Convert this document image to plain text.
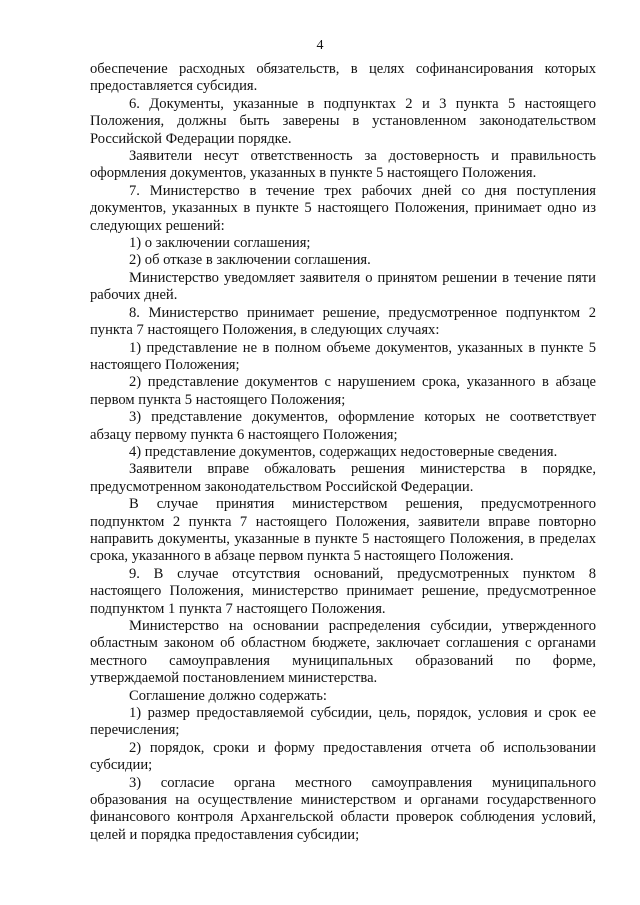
4

обеспечение расходных обязательств, в целях софинансирования которых предоставляется субсидия.

6. Документы, указанные в подпунктах 2 и 3 пункта 5 настоящего Положения, должны быть заверены в установленном законодательством Российской Федерации порядке.

Заявители несут ответственность за достоверность и правильность оформления документов, указанных в пункте 5 настоящего Положения.

7. Министерство в течение трех рабочих дней со дня поступления документов, указанных в пункте 5 настоящего Положения, принимает одно из следующих решений:

1) о заключении соглашения;

2) об отказе в заключении соглашения.

Министерство уведомляет заявителя о принятом решении в течение пяти рабочих дней.

8. Министерство принимает решение, предусмотренное подпунктом 2 пункта 7 настоящего Положения, в следующих случаях:

1) представление не в полном объеме документов, указанных в пункте 5 настоящего Положения;

2) представление документов с нарушением срока, указанного в абзаце первом пункта 5 настоящего Положения;

3) представление документов, оформление которых не соответствует абзацу первому пункта 6 настоящего Положения;

4) представление документов, содержащих недостоверные сведения.

Заявители вправе обжаловать решения министерства в порядке, предусмотренном законодательством Российской Федерации.

В случае принятия министерством решения, предусмотренного подпунктом 2 пункта 7 настоящего Положения, заявители вправе повторно направить документы, указанные в пункте 5 настоящего Положения, в пределах срока, указанного в абзаце первом пункта 5 настоящего Положения.

9. В случае отсутствия оснований, предусмотренных пунктом 8 настоящего Положения, министерство принимает решение, предусмотренное подпунктом 1 пункта 7 настоящего Положения.

Министерство на основании распределения субсидии, утвержденного областным законом об областном бюджете, заключает соглашения с органами местного самоуправления муниципальных образований по форме, утверждаемой постановлением министерства.

Соглашение должно содержать:

1) размер предоставляемой субсидии, цель, порядок, условия и срок ее перечисления;

2) порядок, сроки и форму предоставления отчета об использовании субсидии;

3) согласие органа местного самоуправления муниципального образования на осуществление министерством и органами государственного финансового контроля Архангельской области проверок соблюдения условий, целей и порядка предоставления субсидии;
